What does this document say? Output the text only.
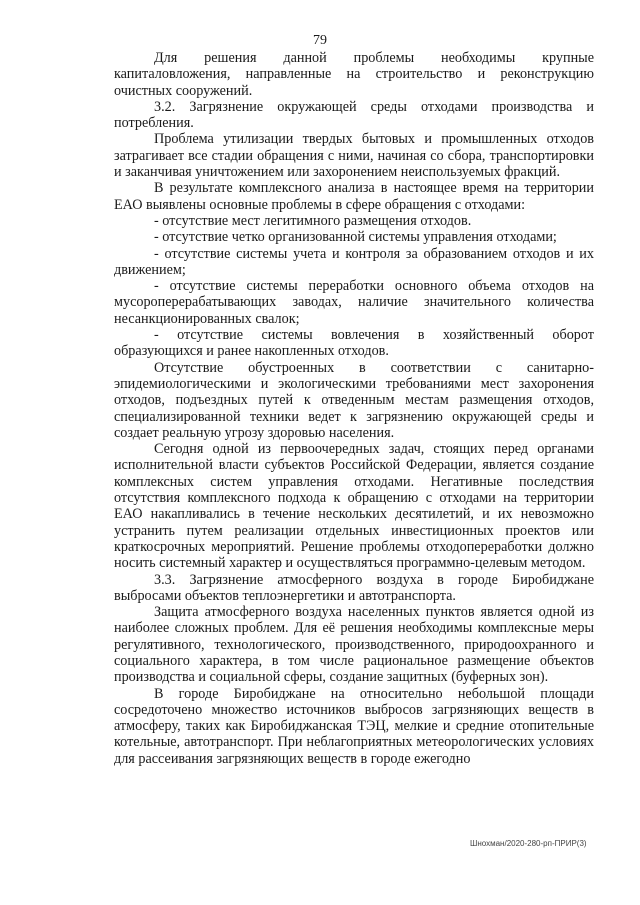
79

Для решения данной проблемы необходимы крупные капиталовложения, направленные на строительство и реконструкцию очистных сооружений.

3.2. Загрязнение окружающей среды отходами производства и потребления.

Проблема утилизации твердых бытовых и промышленных отходов затрагивает все стадии обращения с ними, начиная со сбора, транспортировки и заканчивая уничтожением или захоронением неиспользуемых фракций.

В результате комплексного анализа в настоящее время на территории ЕАО выявлены основные проблемы в сфере обращения с отходами:

- отсутствие мест легитимного размещения отходов.

- отсутствие четко организованной системы управления отходами;

- отсутствие системы учета и контроля за образованием отходов и их движением;

- отсутствие системы переработки основного объема отходов на мусороперерабатывающих заводах, наличие значительного количества несанкционированных свалок;

- отсутствие системы вовлечения в хозяйственный оборот образующихся и ранее накопленных отходов.

Отсутствие обустроенных в соответствии с санитарно-эпидемиологическими и экологическими требованиями мест захоронения отходов, подъездных путей к отведенным местам размещения отходов, специализированной техники ведет к загрязнению окружающей среды и создает реальную угрозу здоровью населения.

Сегодня одной из первоочередных задач, стоящих перед органами исполнительной власти субъектов Российской Федерации, является создание комплексных систем управления отходами. Негативные последствия отсутствия комплексного подхода к обращению с отходами на территории ЕАО накапливались в течение нескольких десятилетий, и их невозможно устранить путем реализации отдельных инвестиционных проектов или краткосрочных мероприятий. Решение проблемы отходопереработки должно носить системный характер и осуществляться программно-целевым методом.

3.3. Загрязнение атмосферного воздуха в городе Биробиджане выбросами объектов теплоэнергетики и автотранспорта.

Защита атмосферного воздуха населенных пунктов является одной из наиболее сложных проблем. Для её решения необходимы комплексные меры регулятивного, технологического, производственного, природоохранного и социального характера, в том числе рациональное размещение объектов производства и социальной сферы, создание защитных (буферных зон).

В городе Биробиджане на относительно небольшой площади сосредоточено множество источников выбросов загрязняющих веществ в атмосферу, таких как Биробиджанская ТЭЦ, мелкие и средние отопительные котельные, автотранспорт. При неблагоприятных метеорологических условиях для рассеивания загрязняющих веществ в городе ежегодно

Шнохман/2020-280-рп-ПРИР(3)
